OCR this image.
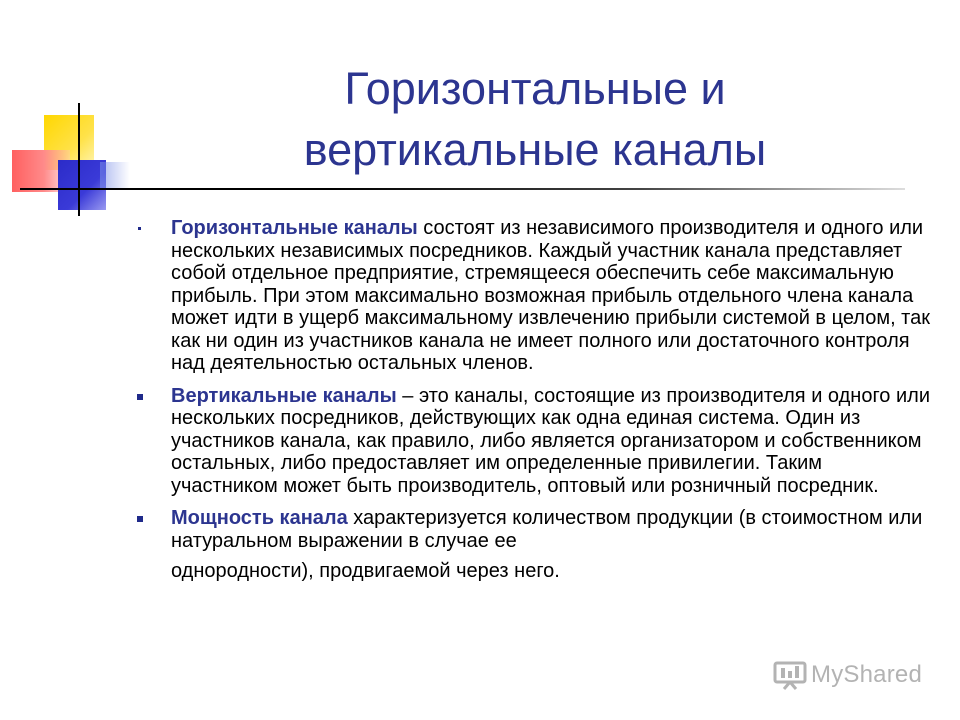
Горизонтальные и
вертикальные каналы
Горизонтальные каналы состоят из независимого производителя и одного или нескольких независимых посредников. Каждый участник канала представляет собой отдельное предприятие, стремящееся обеспечить себе максимальную прибыль. При этом максимально возможная прибыль отдельного члена канала может идти в ущерб максимальному извлечению прибыли системой в целом, так как ни один из участников канала не имеет полного или достаточного контроля над деятельностью остальных членов.
Вертикальные каналы – это каналы, состоящие из производителя и одного или нескольких посредников, действующих как одна единая система. Один из участников канала, как правило, либо является организатором и собственником остальных, либо предоставляет им определенные привилегии. Таким участником может быть производитель, оптовый или розничный посредник.
Мощность канала характеризуется количеством продукции (в стоимостном или натуральном выражении в случае ее
однородности), продвигаемой через него.
MyShared
